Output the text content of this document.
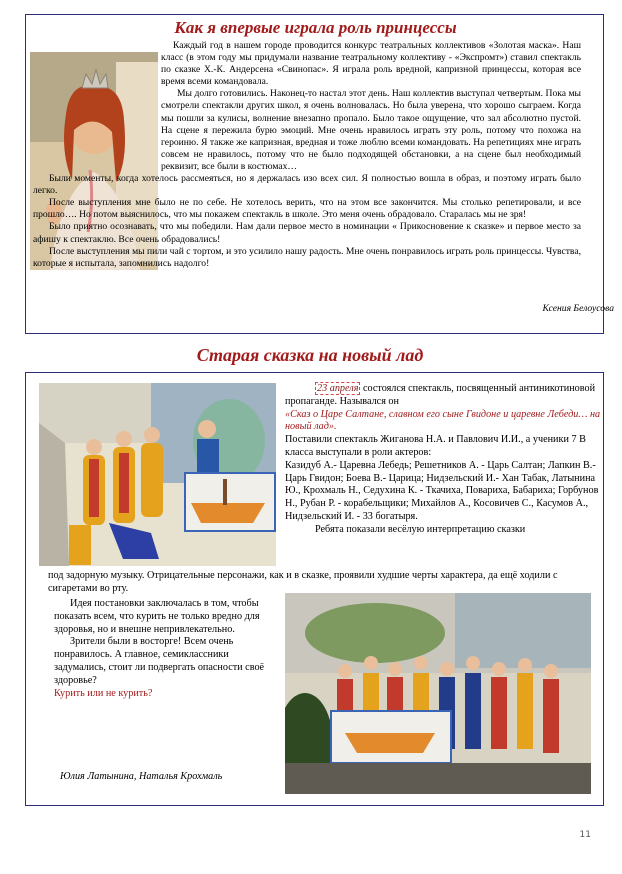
Как я впервые играла роль принцессы

Каждый год в нашем городе проводится конкурс театральных коллективов «Золотая маска». Наш класс (в этом году мы придумали название театральному коллективу - «Экспромт») ставил спектакль по сказке Х.-К. Андерсена «Свинопас». Я играла роль вредной, капризной принцессы, которая все время всеми командовала.

Мы долго готовились. Наконец-то настал этот день. Наш коллектив выступал четвертым. Пока мы смотрели спектакли других школ, я очень волновалась. Но была уверена, что хорошо сыграем. Когда мы пошли за кулисы, волнение внезапно пропало. Было такое ощущение, что зал абсолютно пустой. На сцене я пережила бурю эмоций. Мне очень нравилось играть эту роль, потому что похожа на героиню. Я также же капризная, вредная и тоже люблю всеми командовать. На репетициях мне играть совсем не нравилось, потому что не было подходящей обстановки, а на сцене был необходимый реквизит, все были в костюмах…

Были моменты, когда хотелось рассмеяться, но я держалась изо всех сил. Я полностью вошла в образ, и поэтому играть было легко.

После выступления мне было не по себе. Не хотелось верить, что на этом все закончится. Мы столько репетировали, и все прошло…. Но потом выяснилось, что мы покажем спектакль в школе. Это меня очень обрадовало. Старалась мы не зря!

Было приятно осознавать, что мы победили. Нам дали первое место в номинации « Прикосновение к сказке» и первое место за афишу к спектаклю. Все очень обрадовались!

После выступления мы пили чай с тортом, и это усилило нашу радость. Мне очень понравилось играть роль принцессы. Чувства, которые я испытала, запомнились надолго!

Ксения Белоусова
Старая сказка на новый лад

23 апреля состоялся спектакль, посвященный антиникотиновой пропаганде. Назывался он

«Сказ о Царе Салтане, славном его сыне Гвидоне и царевне Лебеди… на новый лад».

Поставили спектакль Жиганова Н.А. и Павлович И.И., а ученики 7 В класса выступали в роли актеров:

Казидуб А.- Царевна Лебедь; Решетников А. - Царь Салтан; Лапкин В.- Царь Гвидон; Боева В.- Царица; Нидзельский И.- Хан Табак, Латынина Ю., Крохмаль Н., Седухина К. - Ткачиха, Повариха, Бабариха; Горбунов Н., Рубан Р. - корабельщики; Михайлов А., Косовичев С., Касумов А., Нидзельский И. - 33 богатыря.

Ребята показали весёлую интерпретацию сказки

под задорную музыку. Отрицательные персонажи, как и в сказке, проявили худшие черты характера, да ещё ходили с сигаретами во рту.

Идея постановки заключалась в том, чтобы показать всем, что курить не только вредно для здоровья, но и внешне непривлекательно.

Зрители были в восторге! Всем очень понравилось. А главное, семиклассники задумались, стоит ли подвергать опасности своё здоровье?

Курить или не курить?

Юлия Латынина, Наталья Крохмаль
11
